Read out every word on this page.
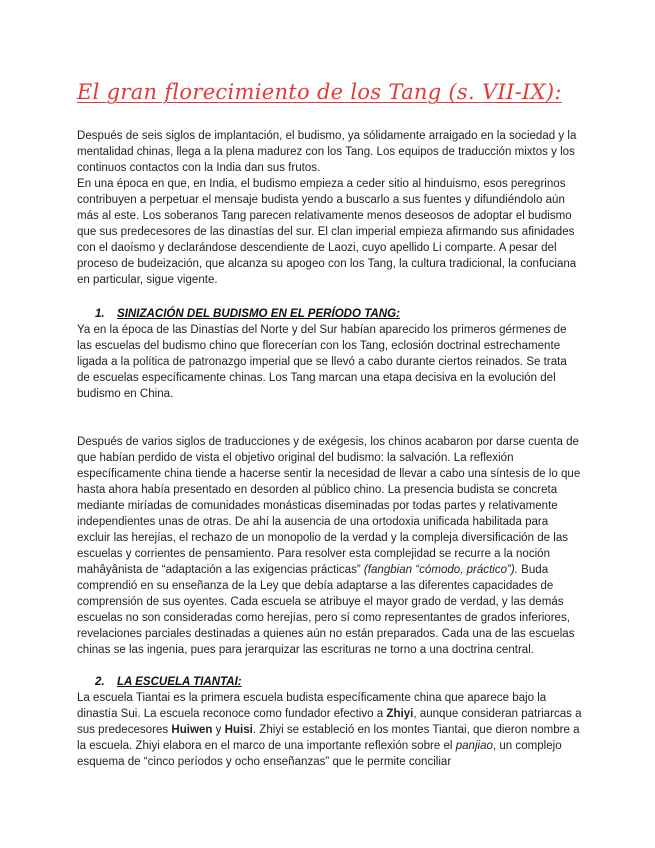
El gran florecimiento de los Tang (s. VII-IX):

Después de seis siglos de implantación, el budismo, ya sólidamente arraigado en la sociedad y la mentalidad chinas, llega a la plena madurez con los Tang. Los equipos de traducción mixtos y los continuos contactos con la India dan sus frutos.
En una época en que, en India, el budismo empieza a ceder sitio al hinduismo, esos peregrinos contribuyen a perpetuar el mensaje budista yendo a buscarlo a sus fuentes y difundiéndolo aún más al este. Los soberanos Tang parecen relativamente menos deseosos de adoptar el budismo que sus predecesores de las dinastías del sur. El clan imperial empieza afirmando sus afinidades con el daoísmo y declarándose descendiente de Laozi, cuyo apellido Li comparte. A pesar del proceso de budeización, que alcanza su apogeo con los Tang, la cultura tradicional, la confuciana en particular, sigue vigente.

1. SINIZACIÓN DEL BUDISMO EN EL PERÍODO TANG:

Ya en la época de las Dinastías del Norte y del Sur habían aparecido los primeros gérmenes de las escuelas del budismo chino que florecerían con los Tang, eclosión doctrinal estrechamente ligada a la política de patronazgo imperial que se llevó a cabo durante ciertos reinados. Se trata de escuelas específicamente chinas. Los Tang marcan una etapa decisiva en la evolución del budismo en China.

Después de varios siglos de traducciones y de exégesis, los chinos acabaron por darse cuenta de que habían perdido de vista el objetivo original del budismo: la salvación. La reflexión específicamente china tiende a hacerse sentir la necesidad de llevar a cabo una síntesis de lo que hasta ahora había presentado en desorden al público chino. La presencia budista se concreta mediante miríadas de comunidades monásticas diseminadas por todas partes y relativamente independientes unas de otras. De ahí la ausencia de una ortodoxia unificada habilitada para excluir las herejías, el rechazo de un monopolio de la verdad y la compleja diversificación de las escuelas y corrientes de pensamiento. Para resolver esta complejidad se recurre a la noción mahâyânista de “adaptación a las exigencias prácticas” (fangbian “cómodo, práctico”). Buda comprendió en su enseñanza de la Ley que debía adaptarse a las diferentes capacidades de comprensión de sus oyentes. Cada escuela se atribuye el mayor grado de verdad, y las demás escuelas no son consideradas como herejías, pero sí como representantes de grados inferiores, revelaciones parciales destinadas a quienes aún no están preparados. Cada una de las escuelas chinas se las ingenia, pues para jerarquizar las escrituras ne torno a una doctrina central.

2. LA ESCUELA TIANTAI:

La escuela Tiantai es la primera escuela budista específicamente china que aparece bajo la dinastía Sui. La escuela reconoce como fundador efectivo a Zhiyi, aunque consideran patriarcas a sus predecesores Huiwen y Huisi. Zhiyi se estableció en los montes Tiantai, que dieron nombre a la escuela. Zhiyi elabora en el marco de una importante reflexión sobre el panjiao, un complejo esquema de “cinco períodos y ocho enseñanzas” que le permite conciliar
